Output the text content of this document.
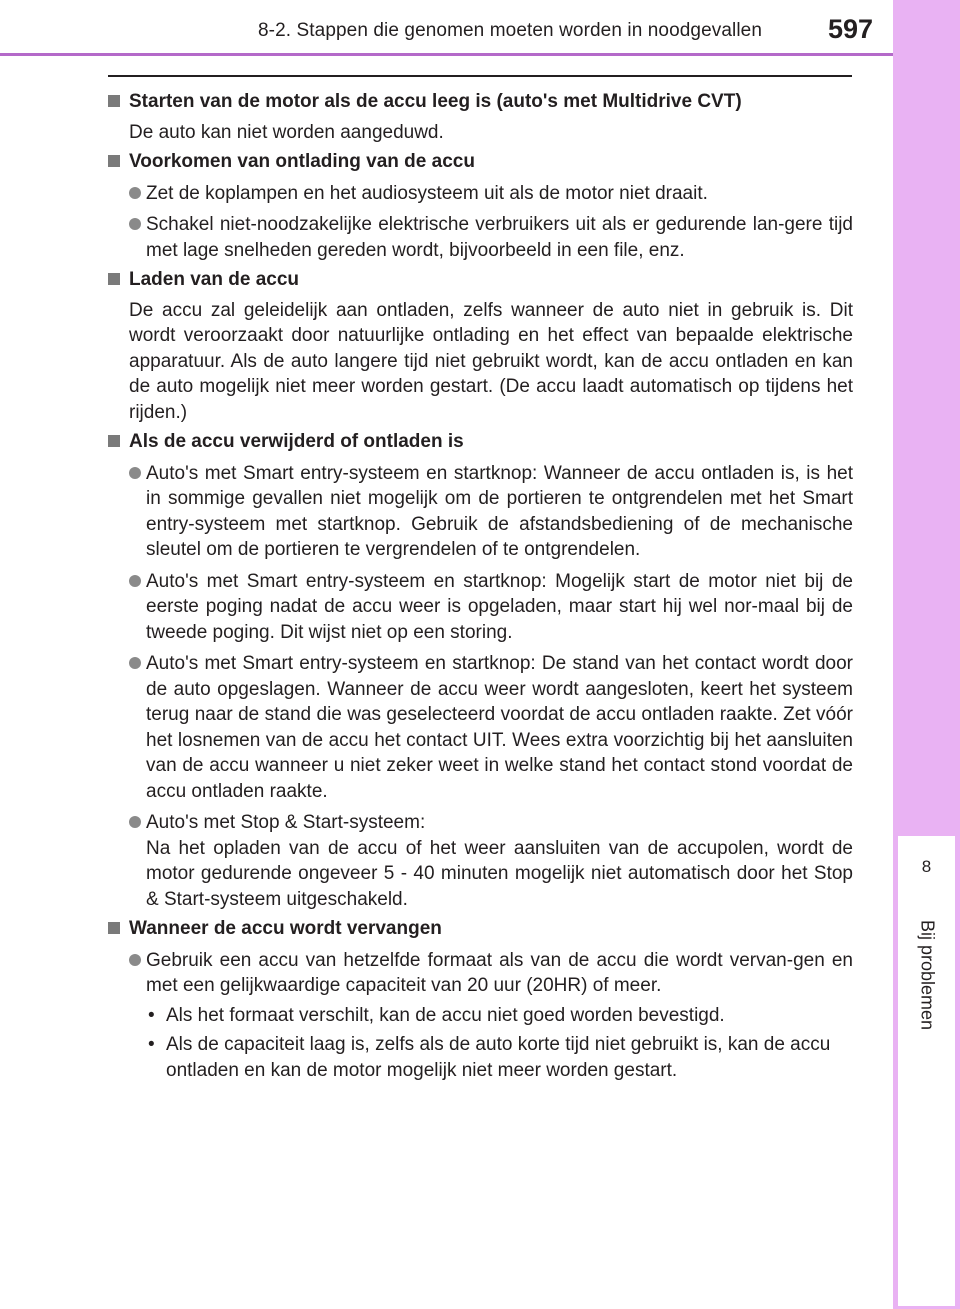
8
Bij problemen
8-2. Stappen die genomen moeten worden in noodgevallen 597
Starten van de motor als de accu leeg is (auto's met Multidrive CVT)
De auto kan niet worden aangeduwd.
Voorkomen van ontlading van de accu
Zet de koplampen en het audiosysteem uit als de motor niet draait.
Schakel niet-noodzakelijke elektrische verbruikers uit als er gedurende lan-gere tijd met lage snelheden gereden wordt, bijvoorbeeld in een file, enz.
Laden van de accu
De accu zal geleidelijk aan ontladen, zelfs wanneer de auto niet in gebruik is. Dit wordt veroorzaakt door natuurlijke ontlading en het effect van bepaalde elektrische apparatuur. Als de auto langere tijd niet gebruikt wordt, kan de accu ontladen en kan de auto mogelijk niet meer worden gestart. (De accu laadt automatisch op tijdens het rijden.)
Als de accu verwijderd of ontladen is
Auto's met Smart entry-systeem en startknop: Wanneer de accu ontladen is, is het in sommige gevallen niet mogelijk om de portieren te ontgrendelen met het Smart entry-systeem met startknop. Gebruik de afstandsbediening of de mechanische sleutel om de portieren te vergrendelen of te ontgrendelen.
Auto's met Smart entry-systeem en startknop: Mogelijk start de motor niet bij de eerste poging nadat de accu weer is opgeladen, maar start hij wel nor-maal bij de tweede poging. Dit wijst niet op een storing.
Auto's met Smart entry-systeem en startknop: De stand van het contact wordt door de auto opgeslagen. Wanneer de accu weer wordt aangesloten, keert het systeem terug naar de stand die was geselecteerd voordat de accu ontladen raakte. Zet vóór het losnemen van de accu het contact UIT. Wees extra voorzichtig bij het aansluiten van de accu wanneer u niet zeker weet in welke stand het contact stond voordat de accu ontladen raakte.
Auto's met Stop & Start-systeem:
Na het opladen van de accu of het weer aansluiten van de accupolen, wordt de motor gedurende ongeveer 5 - 40 minuten mogelijk niet automatisch door het Stop & Start-systeem uitgeschakeld.
Wanneer de accu wordt vervangen
Gebruik een accu van hetzelfde formaat als van de accu die wordt vervan-gen en met een gelijkwaardige capaciteit van 20 uur (20HR) of meer.
• Als het formaat verschilt, kan de accu niet goed worden bevestigd.
• Als de capaciteit laag is, zelfs als de auto korte tijd niet gebruikt is, kan de accu ontladen en kan de motor mogelijk niet meer worden gestart.
